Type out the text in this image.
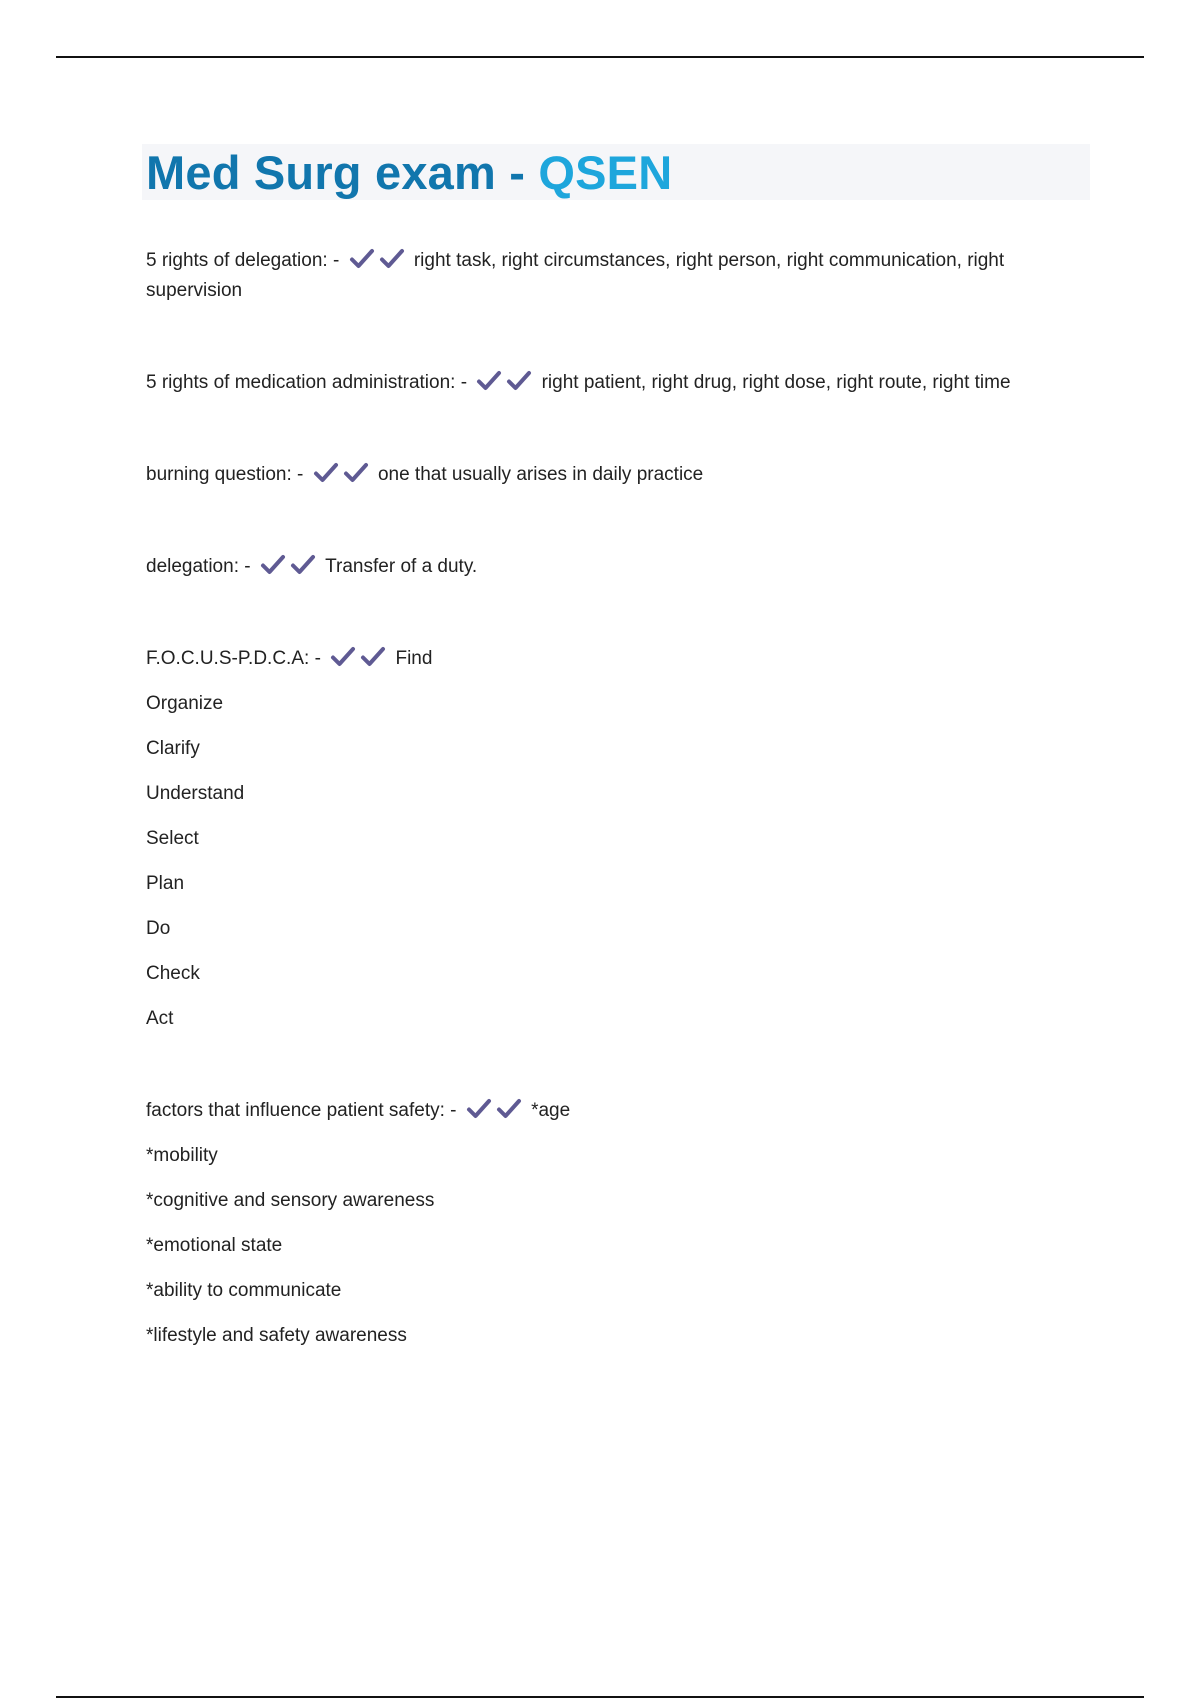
Med Surg exam - QSEN

5 rights of delegation: -	right task, right circumstances, right person, right communication, right

supervision

5 rights of medication administration: -	right patient, right drug, right dose, right route, right time

burning question: -	one that usually arises in daily practice

delegation: -	Transfer of a duty.

F.O.C.U.S-P.D.C.A: -	Find

Organize

Clarify

Understand

Select

Plan

Do

Check

Act

factors that influence patient safety: -	*age

*mobility

*cognitive and sensory awareness

*emotional state

*ability to communicate

*lifestyle and safety awareness
